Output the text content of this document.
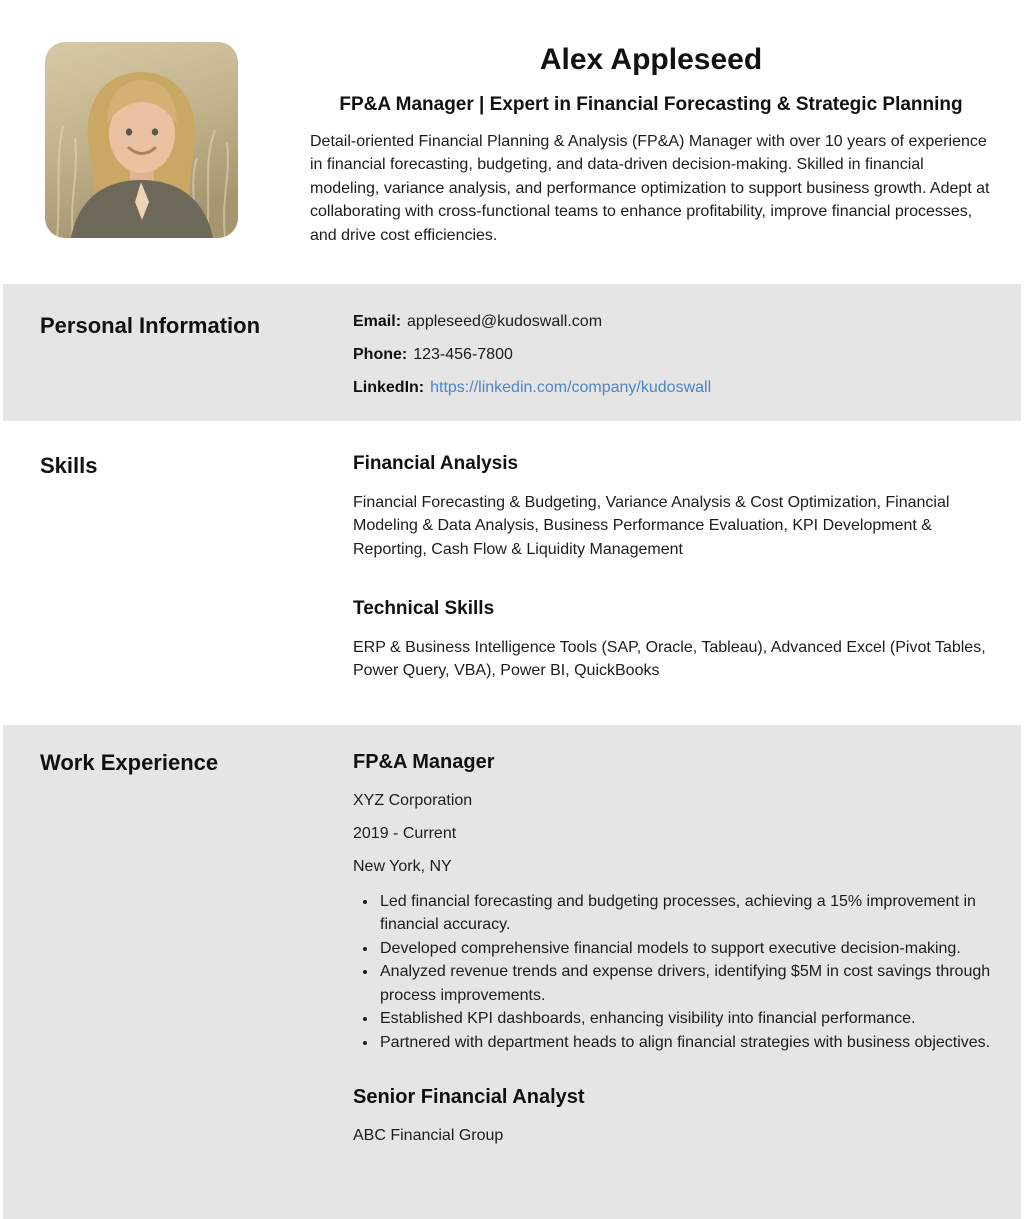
Alex Appleseed
FP&A Manager | Expert in Financial Forecasting & Strategic Planning

Detail-oriented Financial Planning & Analysis (FP&A) Manager with over 10 years of experience in financial forecasting, budgeting, and data-driven decision-making. Skilled in financial modeling, variance analysis, and performance optimization to support business growth. Adept at collaborating with cross-functional teams to enhance profitability, improve financial processes, and drive cost efficiencies.

Personal Information	Email: appleseed@kudoswall.com
Phone: 123-456-7800
LinkedIn: https://linkedin.com/company/kudoswall
Skills	Financial Analysis

Financial Forecasting & Budgeting, Variance Analysis & Cost Optimization, Financial Modeling & Data Analysis, Business Performance Evaluation, KPI Development & Reporting, Cash Flow & Liquidity Management

Technical Skills

ERP & Business Intelligence Tools (SAP, Oracle, Tableau), Advanced Excel (Pivot Tables, Power Query, VBA), Power BI, QuickBooks

Work Experience	FP&A Manager

XYZ Corporation

2019 - Current

New York, NY

• Led financial forecasting and budgeting processes, achieving a 15% improvement in financial accuracy.
• Developed comprehensive financial models to support executive decision-making.
• Analyzed revenue trends and expense drivers, identifying $5M in cost savings through process improvements.
• Established KPI dashboards, enhancing visibility into financial performance.
• Partnered with department heads to align financial strategies with business objectives.
Senior Financial Analyst

ABC Financial Group
